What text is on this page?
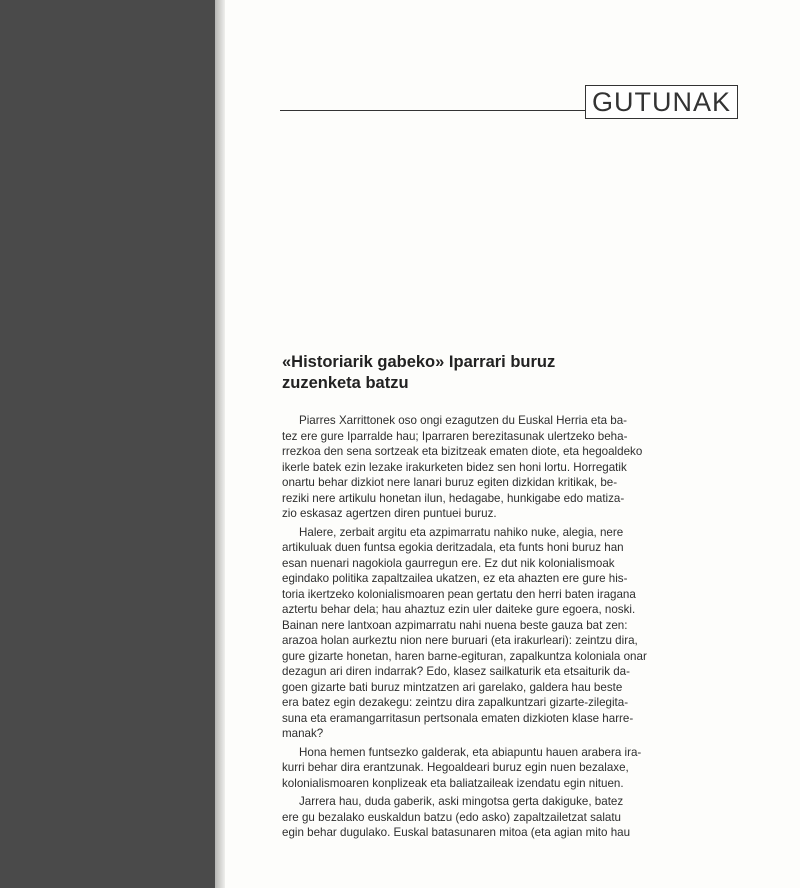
GUTUNAK
«Historiarik gabeko» Iparrari buruz
zuzenketa batzu

Piarres Xarrittonek oso ongi ezagutzen du Euskal Herria eta ba-
tez ere gure Iparralde hau; Iparraren berezitasunak ulertzeko beha-
rrezkoa den sena sortzeak eta bizitzeak ematen diote, eta hegoaldeko
ikerle batek ezin lezake irakurketen bidez sen honi lortu. Horregatik
onartu behar dizkiot nere lanari buruz egiten dizkidan kritikak, be-
reziki nere artikulu honetan ilun, hedagabe, hunkigabe edo matiza-
zio eskasaz agertzen diren puntuei buruz.

Halere, zerbait argitu eta azpimarratu nahiko nuke, alegia, nere
artikuluak duen funtsa egokia deritzadala, eta funts honi buruz han
esan nuenari nagokiola gaurregun ere. Ez dut nik kolonialismoak
egindako politika zapaltzailea ukatzen, ez eta ahazten ere gure his-
toria ikertzeko kolonialismoaren pean gertatu den herri baten iragana
aztertu behar dela; hau ahaztuz ezin uler daiteke gure egoera, noski.
Bainan nere lantxoan azpimarratu nahi nuena beste gauza bat zen:
arazoa holan aurkeztu nion nere buruari (eta irakurleari): zeintzu dira,
gure gizarte honetan, haren barne-egituran, zapalkuntza koloniala onar
dezagun ari diren indarrak? Edo, klasez sailkaturik eta etsaiturik da-
goen gizarte bati buruz mintzatzen ari garelako, galdera hau beste
era batez egin dezakegu: zeintzu dira zapalkuntzari gizarte-zilegita-
suna eta eramangarritasun pertsonala ematen dizkioten klase harre-
manak?

Hona hemen funtsezko galderak, eta abiapuntu hauen arabera ira-
kurri behar dira erantzunak. Hegoaldeari buruz egin nuen bezalaxe,
kolonialismoaren konplizeak eta baliatzaileak izendatu egin nituen.

Jarrera hau, duda gaberik, aski mingotsa gerta dakiguke, batez
ere gu bezalako euskaldun batzu (edo asko) zapaltzailetzat salatu
egin behar dugulako. Euskal batasunaren mitoa (eta agian mito hau
